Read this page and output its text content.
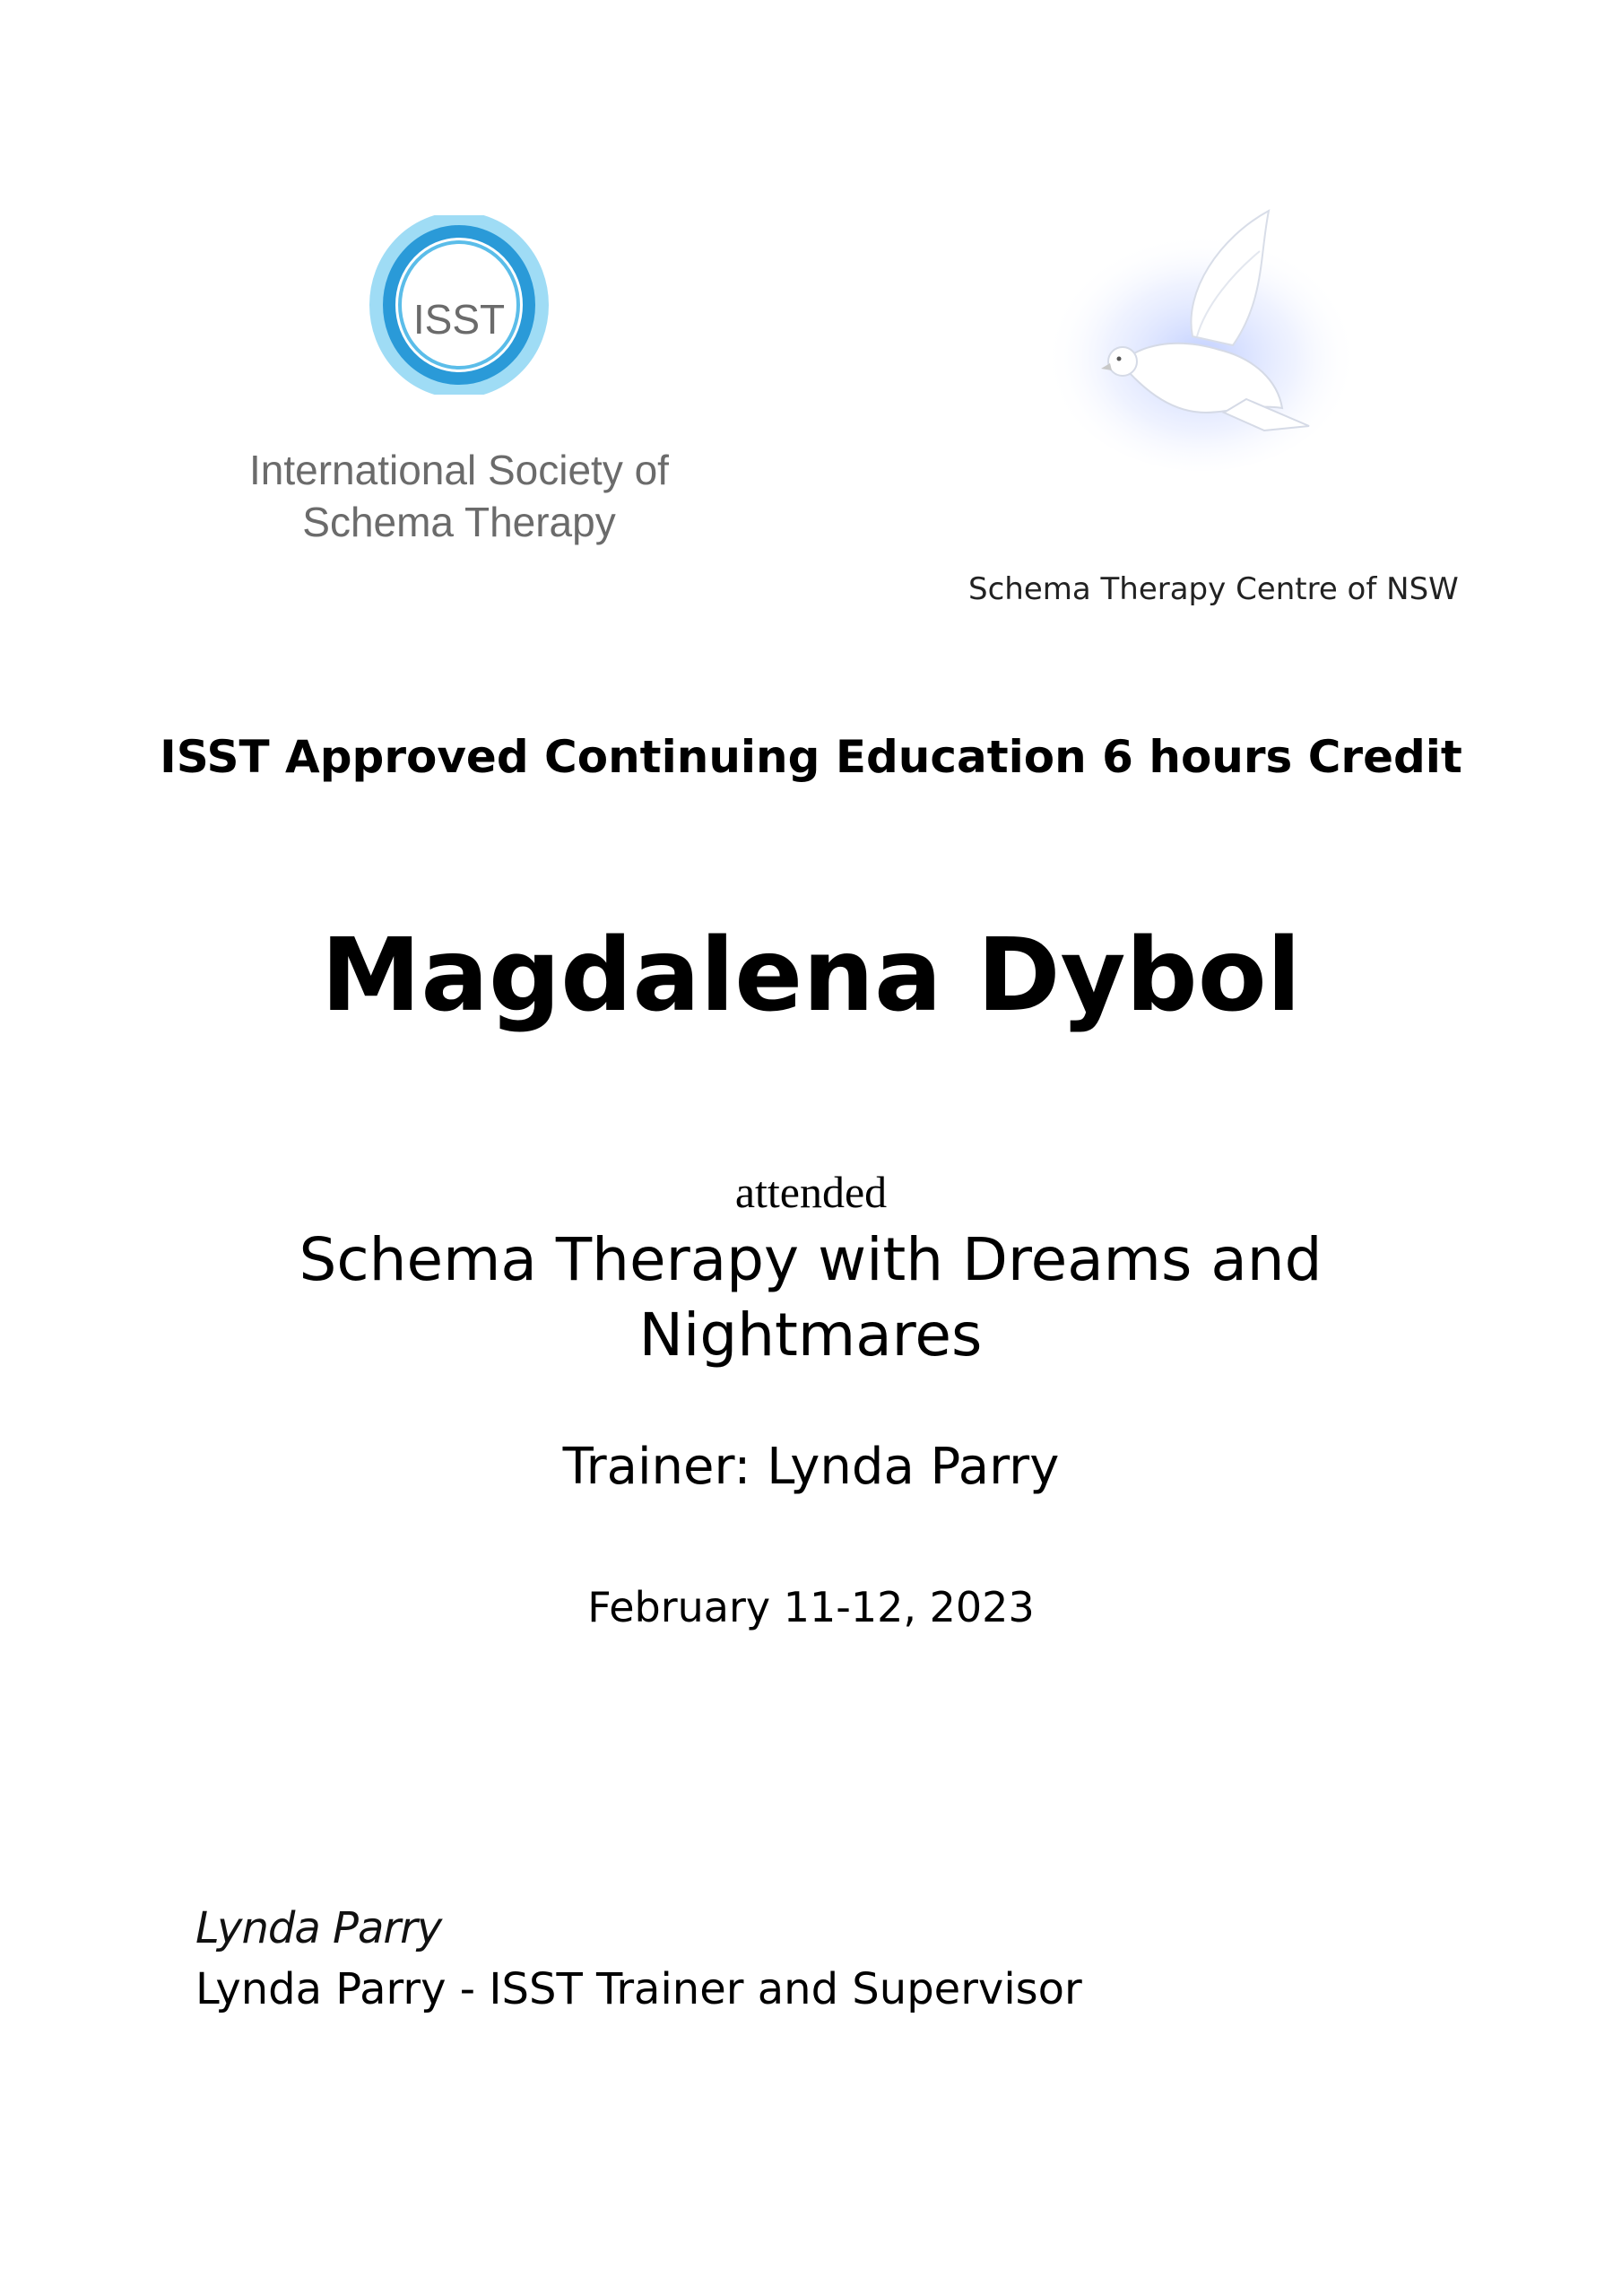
ISST
International Society of
Schema Therapy
Schema Therapy Centre of NSW
ISST Approved Continuing Education 6 hours Credit
Magdalena Dybol
attended
Schema Therapy with Dreams and
Nightmares
Trainer: Lynda Parry
February 11-12, 2023
Lynda Parry
Lynda Parry - ISST Trainer and Supervisor
